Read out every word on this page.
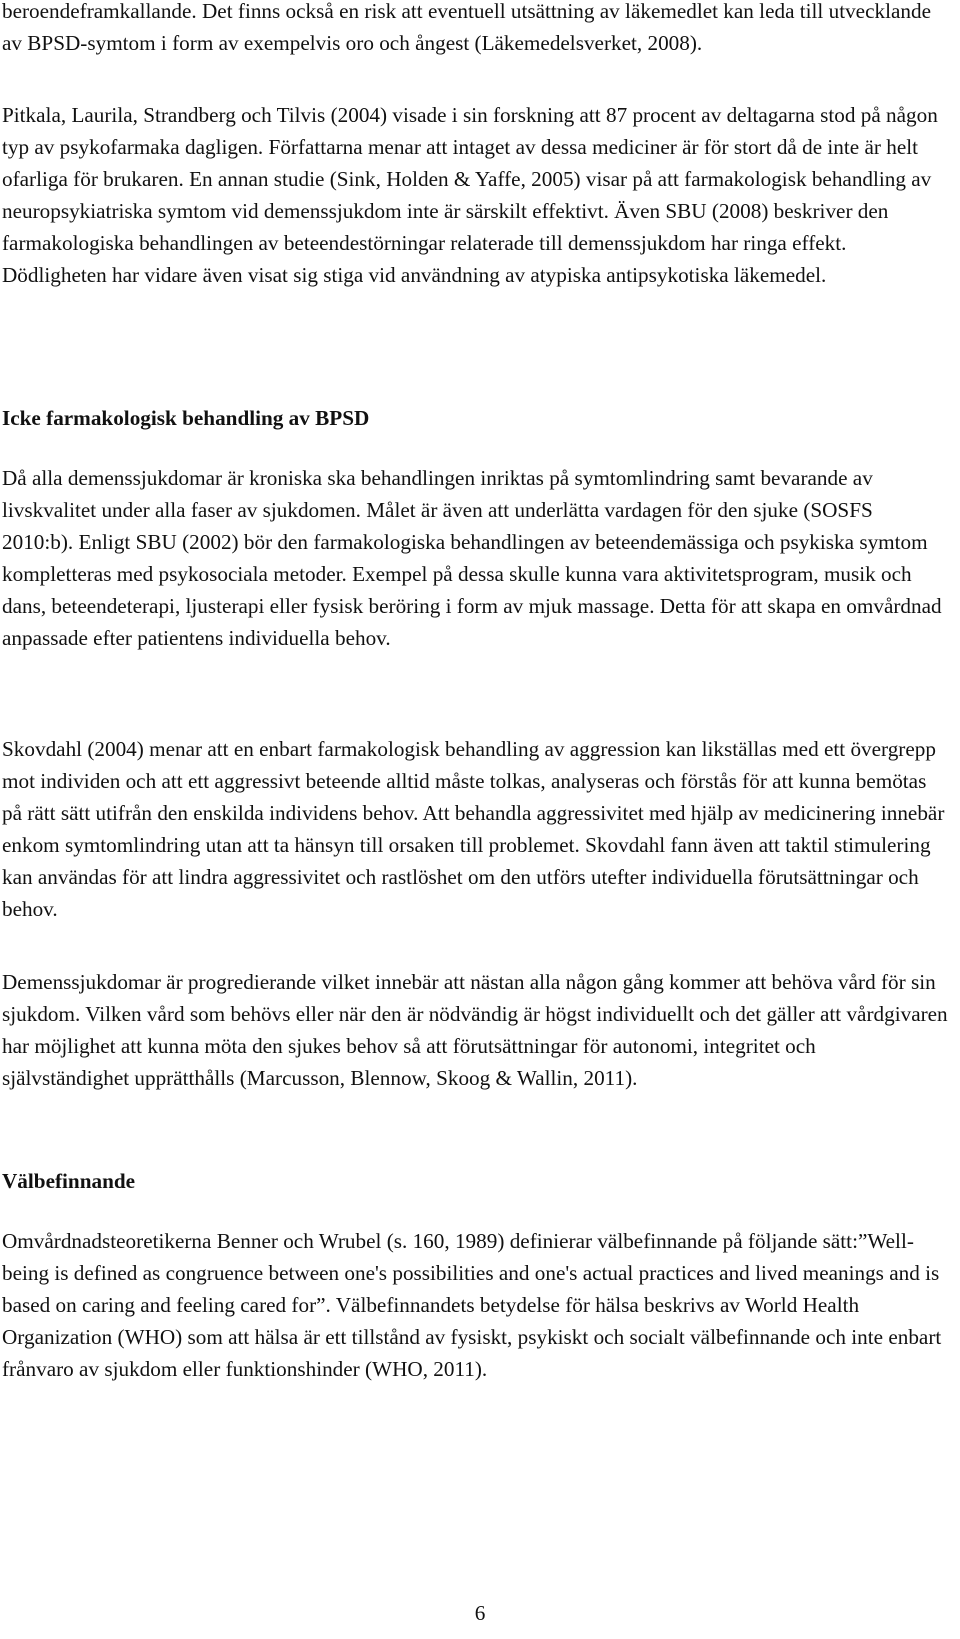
beroendeframkallande. Det finns också en risk att eventuell utsättning av läkemedlet kan leda till utvecklande av BPSD-symtom i form av exempelvis oro och ångest (Läkemedelsverket, 2008).

Pitkala, Laurila, Strandberg och Tilvis (2004) visade i sin forskning att 87 procent av deltagarna stod på någon typ av psykofarmaka dagligen. Författarna menar att intaget av dessa mediciner är för stort då de inte är helt ofarliga för brukaren. En annan studie (Sink, Holden & Yaffe, 2005) visar på att farmakologisk behandling av neuropsykiatriska symtom vid demenssjukdom inte är särskilt effektivt. Även SBU (2008) beskriver den farmakologiska behandlingen av beteendestörningar relaterade till demenssjukdom har ringa effekt. Dödligheten har vidare även visat sig stiga vid användning av atypiska antipsykotiska läkemedel.

Icke farmakologisk behandling av BPSD

Då alla demenssjukdomar är kroniska ska behandlingen inriktas på symtomlindring samt bevarande av livskvalitet under alla faser av sjukdomen. Målet är även att underlätta vardagen för den sjuke (SOSFS 2010:b). Enligt SBU (2002) bör den farmakologiska behandlingen av beteendemässiga och psykiska symtom kompletteras med psykosociala metoder. Exempel på dessa skulle kunna vara aktivitetsprogram, musik och dans, beteendeterapi, ljusterapi eller fysisk beröring i form av mjuk massage. Detta för att skapa en omvårdnad anpassade efter patientens individuella behov.

Skovdahl (2004) menar att en enbart farmakologisk behandling av aggression kan likställas med ett övergrepp mot individen och att ett aggressivt beteende alltid måste tolkas, analyseras och förstås för att kunna bemötas på rätt sätt utifrån den enskilda individens behov. Att behandla aggressivitet med hjälp av medicinering innebär enkom symtomlindring utan att ta hänsyn till orsaken till problemet. Skovdahl fann även att taktil stimulering kan användas för att lindra aggressivitet och rastlöshet om den utförs utefter individuella förutsättningar och behov.

Demenssjukdomar är progredierande vilket innebär att nästan alla någon gång kommer att behöva vård för sin sjukdom. Vilken vård som behövs eller när den är nödvändig är högst individuellt och det gäller att vårdgivaren har möjlighet att kunna möta den sjukes behov så att förutsättningar för autonomi, integritet och självständighet upprätthålls (Marcusson, Blennow, Skoog & Wallin, 2011).

Välbefinnande

Omvårdnadsteoretikerna Benner och Wrubel (s. 160, 1989) definierar välbefinnande på följande sätt:”Well-being is defined as congruence between one's possibilities and one's actual practices and lived meanings and is based on caring and feeling cared for”. Välbefinnandets betydelse för hälsa beskrivs av World Health Organization (WHO) som att hälsa är ett tillstånd av fysiskt, psykiskt och socialt välbefinnande och inte enbart frånvaro av sjukdom eller funktionshinder (WHO, 2011).

6
